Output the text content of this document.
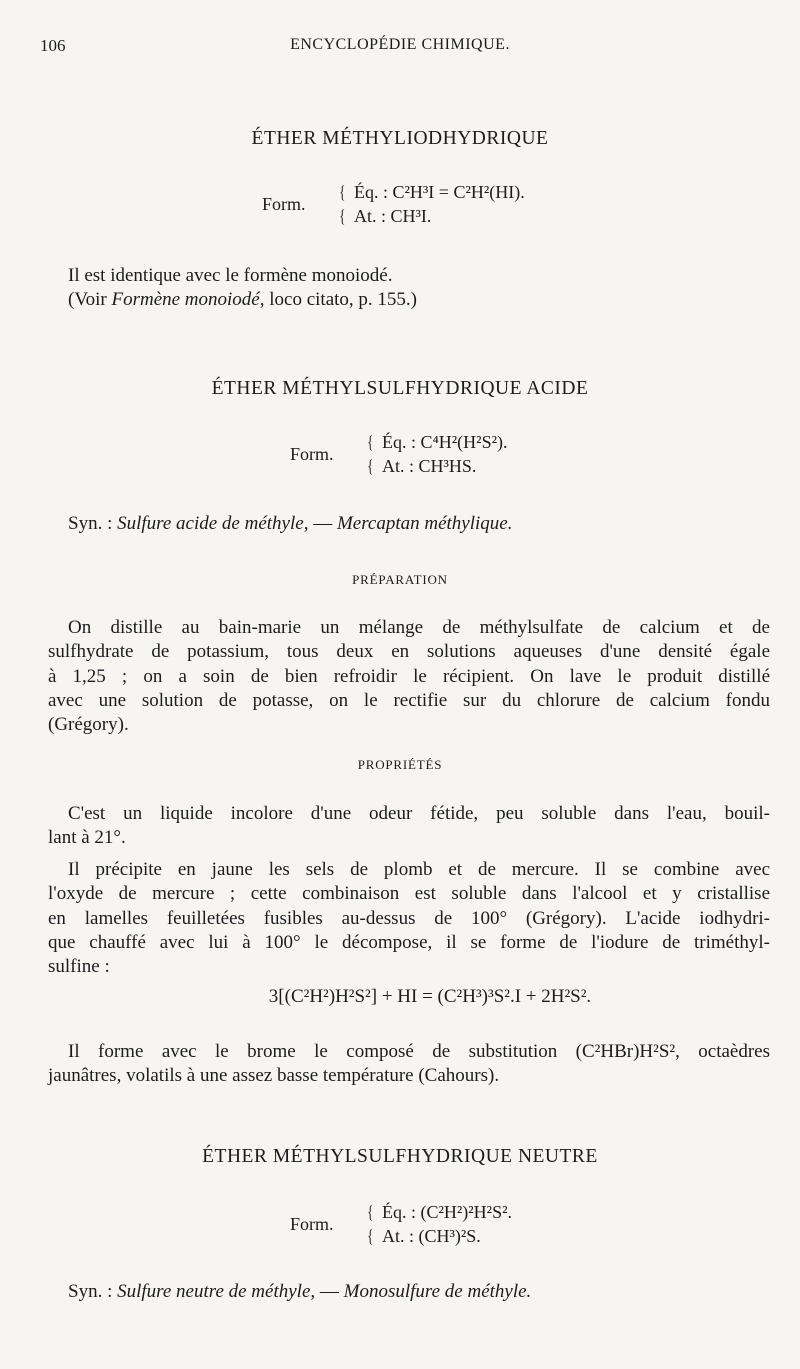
106	ENCYCLOPÉDIE CHIMIQUE.
ÉTHER MÉTHYLIODHYDRIQUE
Form.
{
{
Éq. : C²H³I = C²H²(HI).
At. : CH³I.
Il est identique avec le formène monoiodé.
(Voir Formène monoiodé, loco citato, p. 155.)
ÉTHER MÉTHYLSULFHYDRIQUE ACIDE
Form.
{
{
Éq. : C⁴H²(H²S²).
At. : CH³HS.
Syn. : Sulfure acide de méthyle, — Mercaptan méthylique.
PRÉPARATION
On distille au bain-marie un mélange de méthylsulfate de calcium et de
sulfhydrate de potassium, tous deux en solutions aqueuses d'une densité égale
à 1,25 ; on a soin de bien refroidir le récipient. On lave le produit distillé
avec une solution de potasse, on le rectifie sur du chlorure de calcium fondu
(Grégory).
PROPRIÉTÉS
C'est un liquide incolore d'une odeur fétide, peu soluble dans l'eau, bouil-
lant à 21°.
Il précipite en jaune les sels de plomb et de mercure. Il se combine avec
l'oxyde de mercure ; cette combinaison est soluble dans l'alcool et y cristallise
en lamelles feuilletées fusibles au-dessus de 100° (Grégory). L'acide iodhydri-
que chauffé avec lui à 100° le décompose, il se forme de l'iodure de triméthyl-
sulfine :
3[(C²H²)H²S²] + HI = (C²H³)³S².I + 2H²S².
Il forme avec le brome le composé de substitution (C²HBr)H²S², octaèdres
jaunâtres, volatils à une assez basse température (Cahours).
ÉTHER MÉTHYLSULFHYDRIQUE NEUTRE
Form.
{
{
Éq. : (C²H²)²H²S².
At. : (CH³)²S.
Syn. : Sulfure neutre de méthyle, — Monosulfure de méthyle.
